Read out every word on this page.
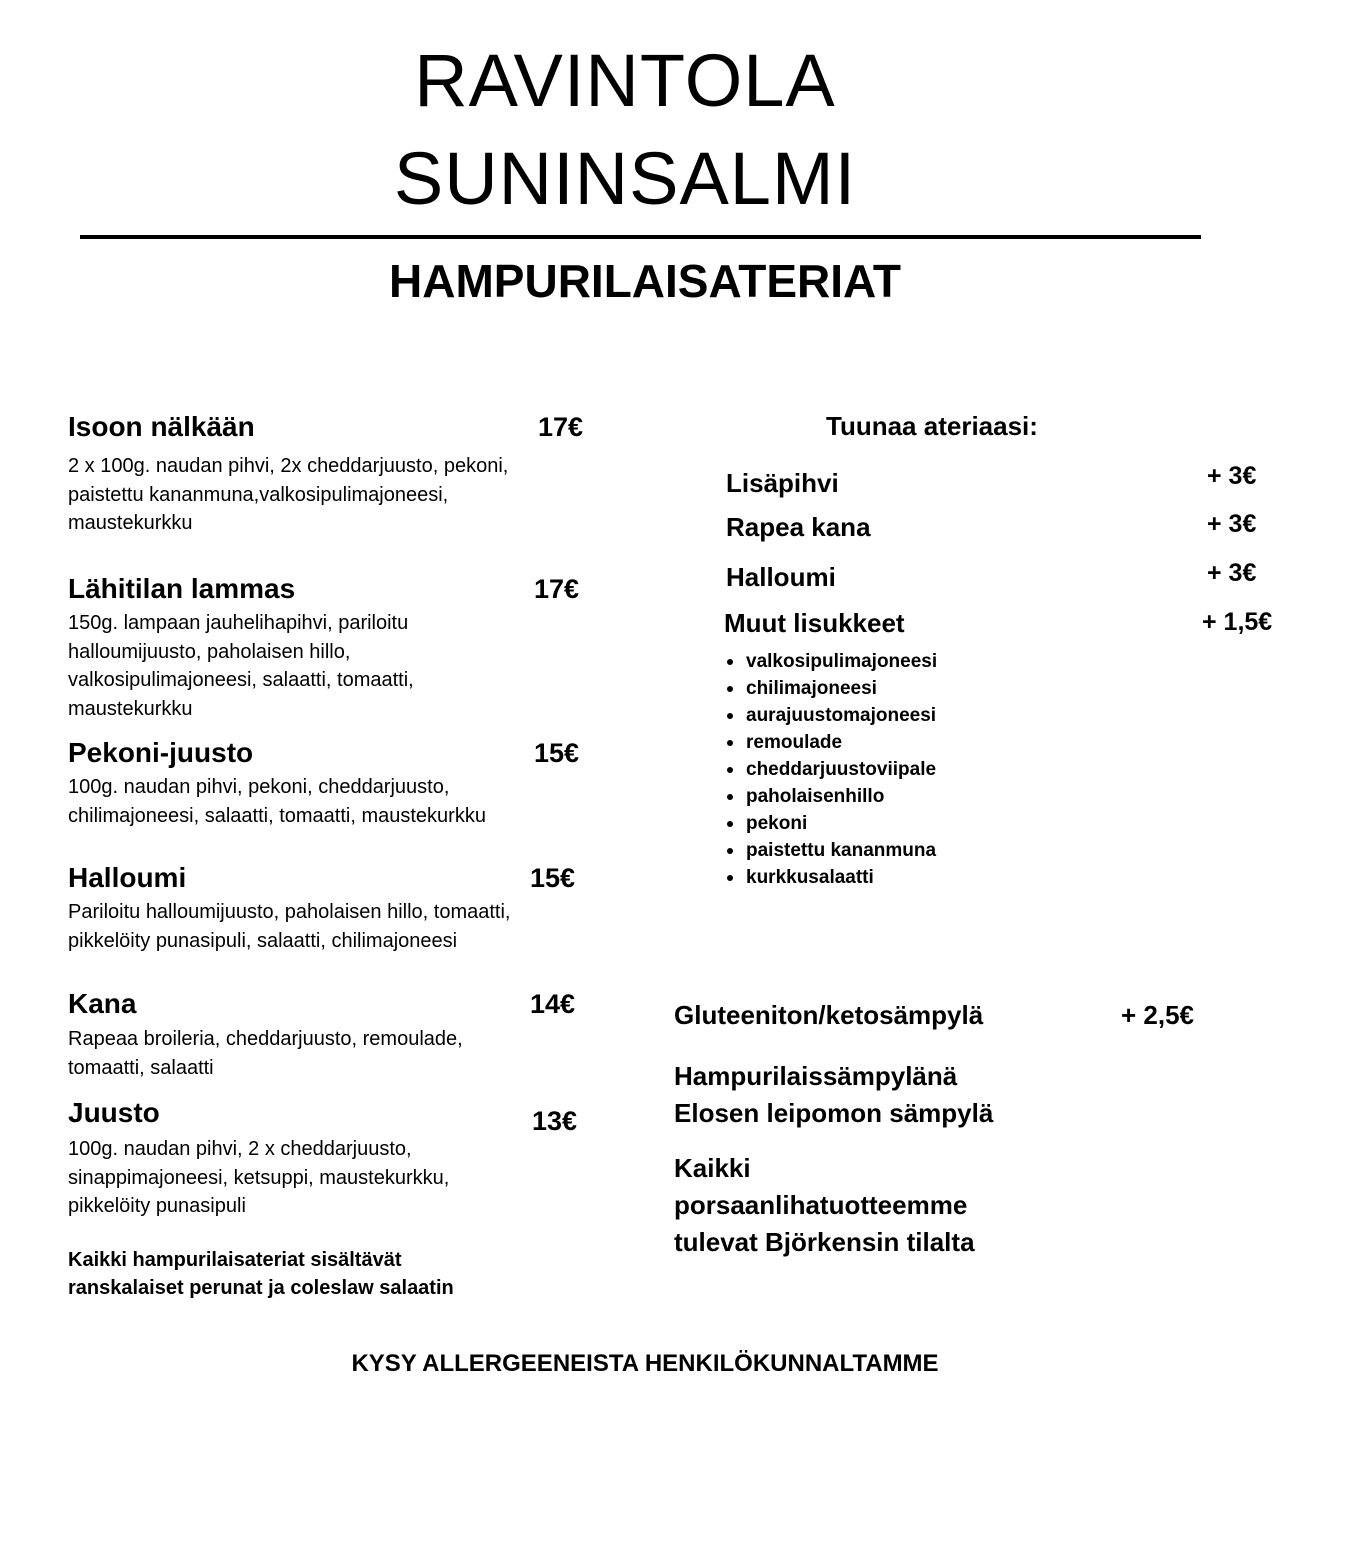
RAVINTOLA
SUNINSALMI
HAMPURILAISATERIAT
Isoon nälkään	17€
2 x 100g. naudan pihvi, 2x cheddarjuusto, pekoni, paistettu kananmuna,valkosipulimajoneesi, maustekurkku
Lähitilan lammas	17€
150g. lampaan jauhelihapihvi, pariloitu halloumijuusto, paholaisen hillo, valkosipulimajoneesi, salaatti, tomaatti, maustekurkku
Pekoni-juusto	15€
100g. naudan pihvi, pekoni, cheddarjuusto, chilimajoneesi, salaatti, tomaatti, maustekurkku
Halloumi	15€
Pariloitu halloumijuusto, paholaisen hillo, tomaatti, pikkelöity punasipuli, salaatti, chilimajoneesi
Kana	14€
Rapeaa broileria, cheddarjuusto, remoulade, tomaatti, salaatti
Juusto	13€
100g. naudan pihvi, 2 x cheddarjuusto, sinappimajoneesi, ketsuppi, maustekurkku, pikkelöity punasipuli
Kaikki hampurilaisateriat sisältävät
ranskalaiset perunat ja coleslaw salaatin
Tuunaa ateriaasi:
Lisäpihvi	+ 3€
Rapea kana	+ 3€
Halloumi	+ 3€
Muut lisukkeet	+ 1,5€
valkosipulimajoneesi
chilimajoneesi
aurajuustomajoneesi
remoulade
cheddarjuustoviipale
paholaisenhillo
pekoni
paistettu kananmuna
kurkkusalaatti
Gluteeniton/ketosämpylä	+ 2,5€
Hampurilaissämpylänä
Elosen leipomon sämpylä
Kaikki
porsaanlihatuotteemme
tulevat Björkensin tilalta
KYSY ALLERGEENEISTA HENKILÖKUNNALTAMME
